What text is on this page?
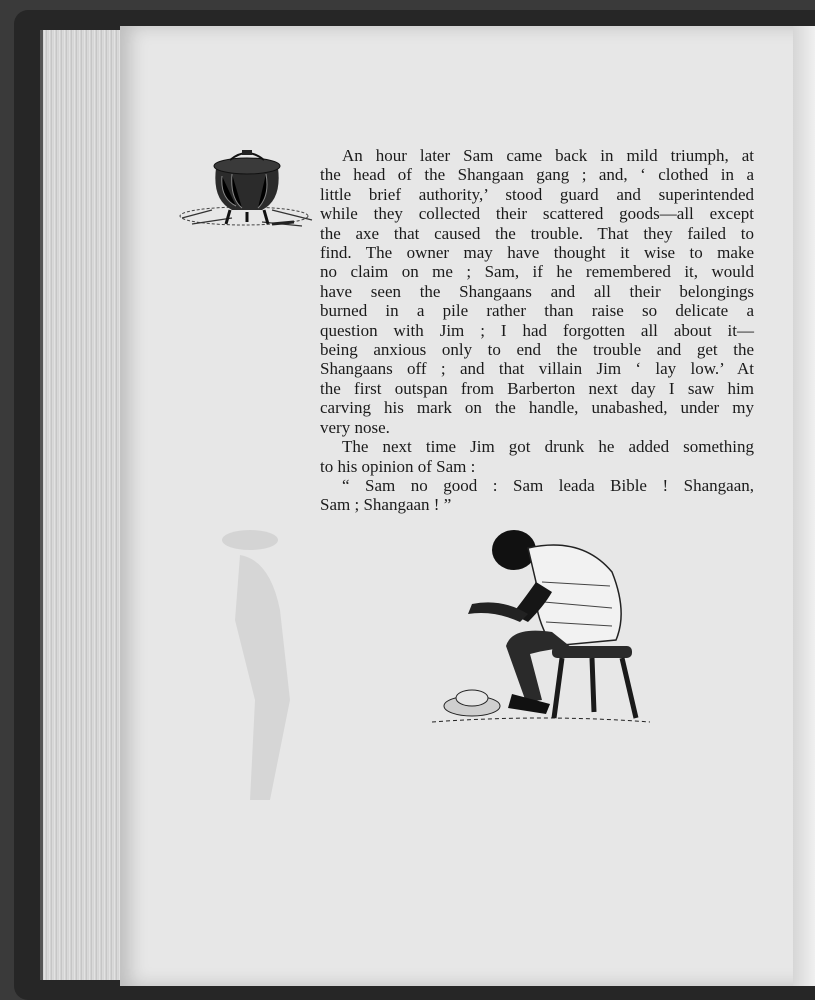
An hour later Sam came back in mild triumph, at
the head of the Shangaan gang ; and, ‘ clothed in a
little brief authority,’ stood guard and superintended
while they collected their scattered goods—all except
the axe that caused the trouble. That they failed to
find. The owner may have thought it wise to make
no claim on me ; Sam, if he remembered it, would
have seen the Shangaans and all their belongings
burned in a pile rather than raise so delicate a
question with Jim ; I had forgotten all about it—
being anxious only to end the trouble and get the
Shangaans off ; and that villain Jim ‘ lay low.’ At
the first outspan from Barberton next day I saw him
carving his mark on the handle, unabashed, under my
very nose.
The next time Jim got drunk he added something
to his opinion of Sam :
“ Sam no good : Sam leada Bible ! Shangaan,
Sam ; Shangaan ! ”
